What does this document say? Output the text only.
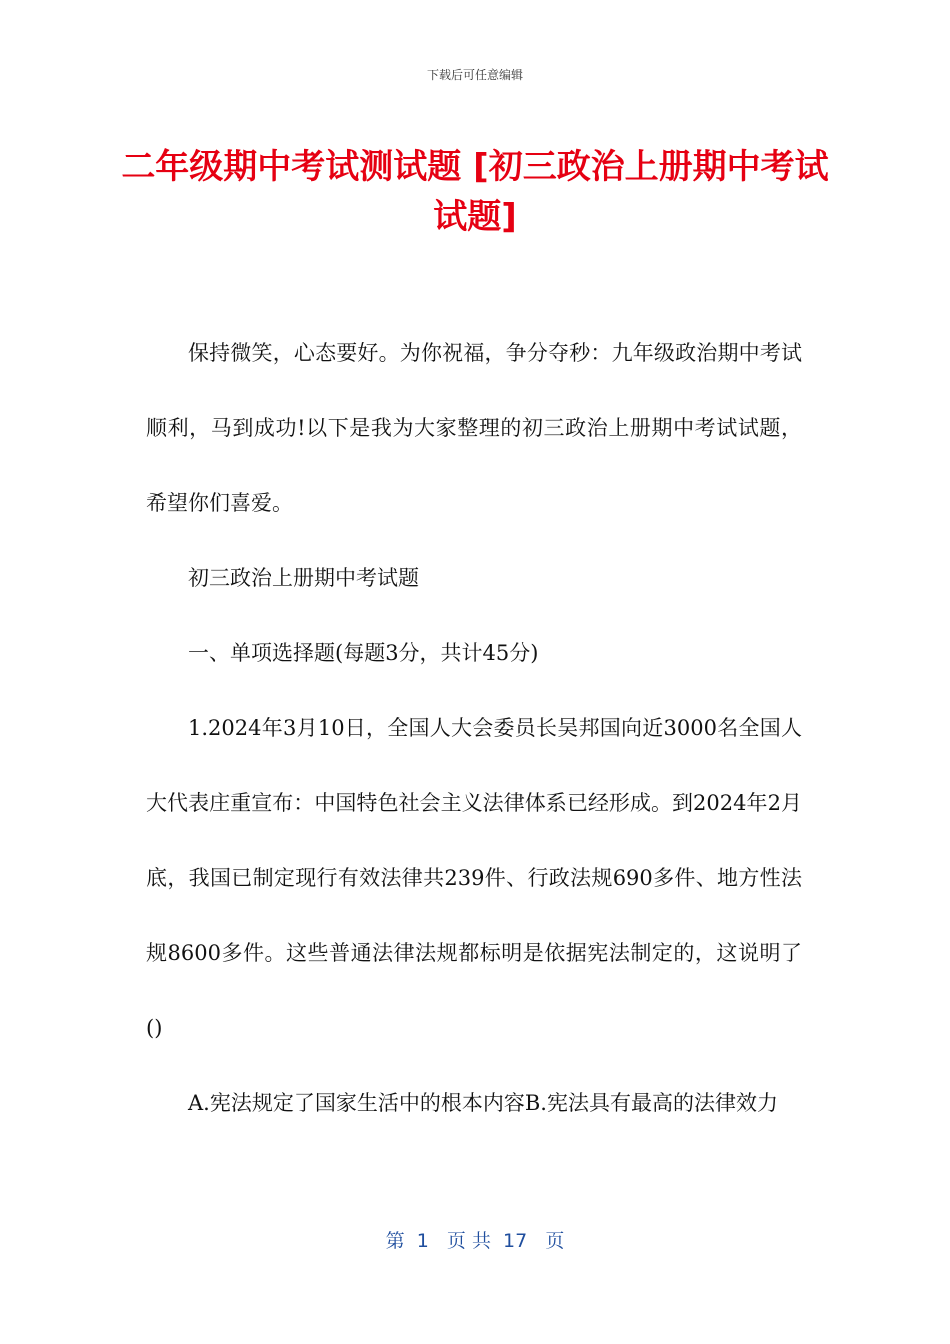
下载后可任意编辑
二年级期中考试测试题 [初三政治上册期中考试试题]

保持微笑，心态要好。为你祝福，争分夺秒：九年级政治期中考试顺利，马到成功!以下是我为大家整理的初三政治上册期中考试试题，希望你们喜爱。

初三政治上册期中考试题

一、单项选择题(每题3分，共计45分)

1.2024年3月10日，全国人大会委员长吴邦国向近3000名全国人大代表庄重宣布：中国特色社会主义法律体系已经形成。到2024年2月底，我国已制定现行有效法律共239件、行政法规690多件、地方性法规8600多件。这些普通法律法规都标明是依据宪法制定的，这说明了()

A.宪法规定了国家生活中的根本内容B.宪法具有最高的法律效力

第  1   页 共  17   页
